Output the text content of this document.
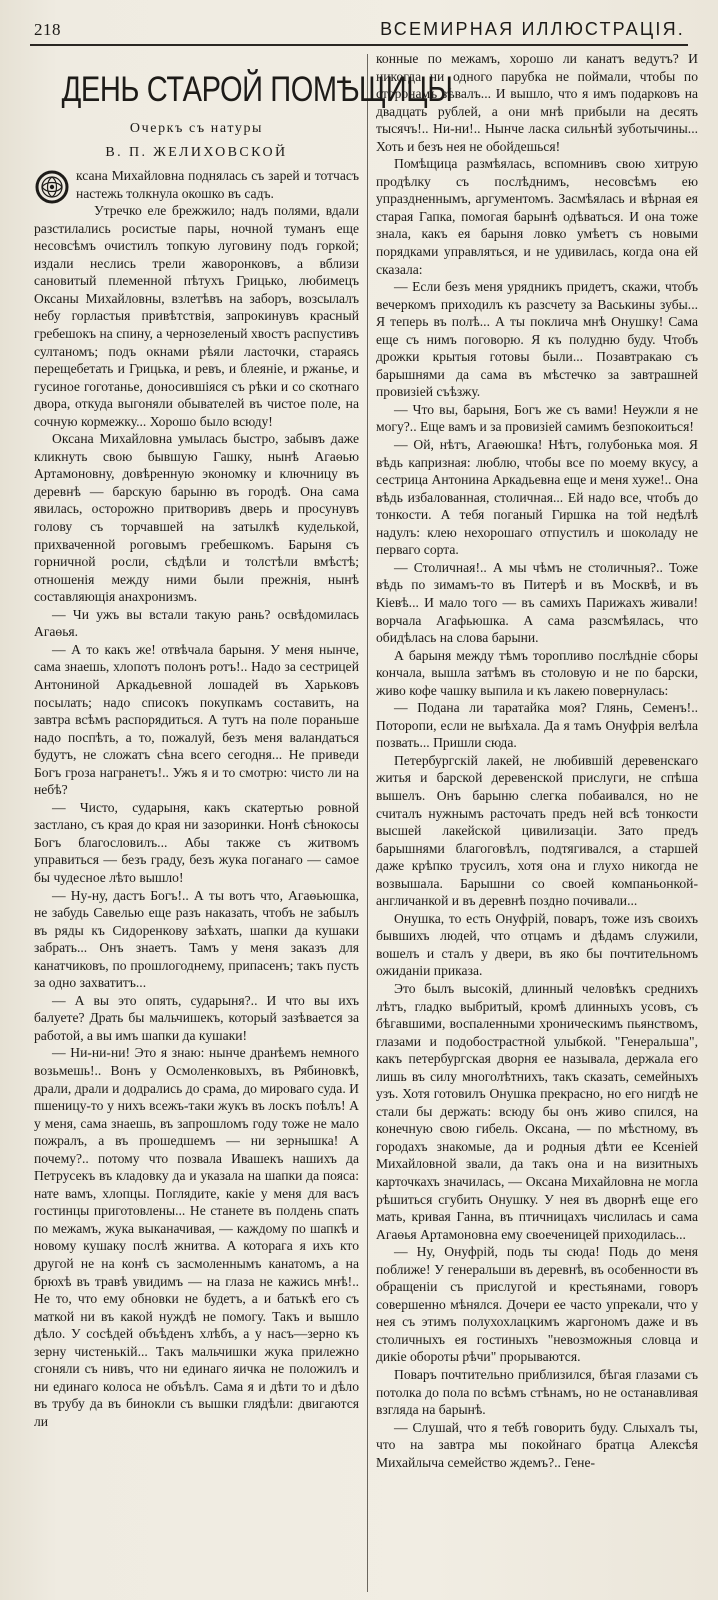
218	ВСЕМИРНАЯ ИЛЛЮСТРАЦІЯ.
ДЕНЬ СТАРОЙ ПОМѢЩИЦЫ
Очеркъ съ натуры
В. П. ЖЕЛИХОВСКОЙ

ксана Михайловна поднялась съ зарей и тотчасъ настежь толкнула окошко въ садъ.

Утречко еле брежжило; надъ полями, вдали разстилались росистые пары, ночной туманъ еще несовсѣмъ очистилъ топкую луговину подъ горкой; издали неслись трели жаворонковъ, а вблизи сановитый племенной пѣтухъ Грицько, любимецъ Оксаны Михайловны, взлетѣвъ на заборъ, возсылалъ небу горластыя привѣтствія, запрокинувъ красный гребешокъ на спину, а чернозеленый хвостъ распустивъ султаномъ; подъ окнами рѣяли ласточки, стараясь перещебетать и Грицька, и ревъ, и блеяніе, и ржанье, и гусиное гоготанье, доносившіяся съ рѣки и со скотнаго двора, откуда выгоняли обывателей въ чистое поле, на сочную кормежку... Хорошо было всюду!

Оксана Михайловна умылась быстро, забывъ даже кликнуть свою бывшую Гашку, нынѣ Агаѳью Артамоновну, довѣренную экономку и ключницу въ деревнѣ — барскую барыню въ городѣ. Она сама явилась, осторожно притворивъ дверь и просунувъ голову съ торчавшей на затылкѣ куделькой, прихваченной роговымъ гребешкомъ. Барыня съ горничной росли, сѣдѣли и толстѣли вмѣстѣ; отношенія между ними были прежнія, нынѣ составляющія анахронизмъ.

— Чи ужъ вы встали такую рань? освѣдомилась Агаѳья.

— А то какъ же! отвѣчала барыня. У меня нынче, сама знаешь, хлопотъ полонъ ротъ!.. Надо за сестрицей Антониной Аркадьевной лошадей въ Харьковъ посылать; надо списокъ покупкамъ составить, на завтра всѣмъ распорядиться. А тутъ на поле пораньше надо поспѣть, а то, пожалуй, безъ меня валандаться будутъ, не сложатъ сѣна всего сегодня... Не приведи Богъ гроза награнетъ!.. Ужъ я и то смотрю: чисто ли на небѣ?

— Чисто, сударыня, какъ скатертью ровной застлано, съ края до края ни зазоринки. Нонѣ сѣнокосы Богъ благословилъ... Абы также съ житвомъ управиться — безъ граду, безъ жука поганаго — самое бы чудесное лѣто вышло!

— Ну-ну, дастъ Богъ!.. А ты вотъ что, Агаѳьюшка, не забудь Савелью еще разъ наказать, чтобъ не забылъ въ ряды къ Сидоренкову заѣхать, шапки да кушаки забрать... Онъ знаетъ. Тамъ у меня заказъ для канатчиковъ, по прошлогоднему, припасенъ; такъ пусть за одно захватитъ...

— А вы это опять, сударыня?.. И что вы ихъ балуете? Драть бы мальчишекъ, который зазѣвается за работой, а вы имъ шапки да кушаки!

— Ни-ни-ни! Это я знаю: нынче дранѣемъ немного возьмешь!.. Вонъ у Осмоленковыхъ, въ Рябиновкѣ, драли, драли и додрались до срама, до мироваго суда. И пшеницу-то у нихъ всежъ-таки жукъ въ лоскъ поѣлъ! А у меня, сама знаешь, въ запрошломъ году тоже не мало пожралъ, а въ прошедшемъ — ни зернышка! А почему?.. потому что позвала Ивашекъ нашихъ да Петрусекъ въ кладовку да и указала на шапки да пояса: нате вамъ, хлопцы. Поглядите, какіе у меня для васъ гостинцы приготовлены... Не станете въ полдень спать по межамъ, жука выканачивая, — каждому по шапкѣ и новому кушаку послѣ жнитва. А которага я ихъ кто другой не на конѣ съ засмоленнымъ канатомъ, а на брюхѣ въ травѣ увидимъ — на глаза не кажись мнѣ!.. Не то, что ему обновки не будетъ, а и батькѣ его съ маткой ни въ какой нуждѣ не помогу. Такъ и вышло дѣло. У сосѣдей объѣденъ хлѣбъ, а у насъ—зерно къ зерну чистенькій... Такъ мальчишки жука прилежно сгоняли съ нивъ, что ни единаго яичка не положилъ и ни единаго колоса не объѣлъ. Сама я и дѣти то и дѣло въ трубу да въ бинокли съ вышки глядѣли: двигаются ли

конные по межамъ, хорошо ли канатъ ведутъ? И никогда ни одного парубка не поймали, чтобы по сторонамъ зѣвалъ... И вышло, что я имъ подарковъ на двадцать рублей, а они мнѣ прибыли на десять тысячъ!.. Ни-ни!.. Нынче ласка сильнѣй зуботычины... Хоть и безъ нея не обойдешься!

Помѣщица размѣялась, вспомнивъ свою хитрую продѣлку съ послѣднимъ, несовсѣмъ ею упраздненнымъ, аргументомъ. Засмѣялась и вѣрная ея старая Гапка, помогая барынѣ одѣваться. И она тоже знала, какъ ея барыня ловко умѣетъ съ новыми порядками управляться, и не удивилась, когда она ей сказала:

— Если безъ меня урядникъ придетъ, скажи, чтобъ вечеркомъ приходилъ къ разсчету за Васькины зубы... Я теперь въ полѣ... А ты поклича мнѣ Онушку! Сама еще съ нимъ поговорю. Я къ полудню буду. Чтобъ дрожки крытыя готовы были... Позавтракаю съ барышнями да сама въ мѣстечко за завтрашней провизіей съѣзжу.

— Что вы, барыня, Богъ же съ вами! Неужли я не могу?.. Еще вамъ и за провизіей самимъ безпокоиться!

— Ой, нѣтъ, Агаѳюшка! Нѣтъ, голубонька моя. Я вѣдь капризная: люблю, чтобы все по моему вкусу, а сестрица Антонина Аркадьевна еще и меня хуже!.. Она вѣдь избалованная, столичная... Ей надо все, чтобъ до тонкости. А тебя поганый Гиршка на той недѣлѣ надулъ: клею нехорошаго отпустилъ и шоколаду не перваго сорта.

— Столичная!.. А мы чѣмъ не столичныя?.. Тоже вѣдь по зимамъ-то въ Питерѣ и въ Москвѣ, и въ Кіевѣ... И мало того — въ самихъ Парижахъ живали! ворчала Агафьюшка. А сама разсмѣялась, что обидѣлась на слова барыни.

А барыня между тѣмъ торопливо послѣдніе сборы кончала, вышла затѣмъ въ столовую и не по барски, живо кофе чашку выпила и къ лакею повернулась:

— Подана ли таратайка моя? Глянь, Семенъ!.. Поторопи, если не выѣхала. Да я тамъ Онуфрія велѣла позвать... Пришли сюда.

Петербургскій лакей, не любившій деревенскаго житья и барской деревенской прислуги, не спѣша вышелъ. Онъ барыню слегка побаивался, но не считалъ нужнымъ расточать предъ ней всѣ тонкости высшей лакейской цивилизаціи. Зато предъ барышнями благоговѣлъ, подтягивался, а старшей даже крѣпко трусилъ, хотя она и глухо никогда не возвышала. Барышни со своей компаньонкой-англичанкой и въ деревнѣ поздно почивали...

Онушка, то есть Онуфрій, поваръ, тоже изъ своихъ бывшихъ людей, что отцамъ и дѣдамъ служили, вошелъ и сталъ у двери, въ яко бы почтительномъ ожиданіи приказа.

Это былъ высокій, длинный человѣкъ среднихъ лѣтъ, гладко выбритый, кромѣ длинныхъ усовъ, съ бѣгавшими, воспаленными хроническимъ пьянствомъ, глазами и подобострастной улыбкой. "Генеральша", какъ петербургская дворня ее называла, держала его лишь въ силу многолѣтнихъ, такъ сказать, семейныхъ узъ. Хотя готовилъ Онушка прекрасно, но его нигдѣ не стали бы держать: всюду бы онъ живо спился, на конечную свою гибель. Оксана, — по мѣстному, въ городахъ знакомые, да и родныя дѣти ее Ксеніей Михайловной звали, да такъ она и на визитныхъ карточкахъ значилась, — Оксана Михайловна не могла рѣшиться сгубить Онушку. У нея въ дворнѣ еще его мать, кривая Ганна, въ птичницахъ числилась и сама Агаѳья Артамоновна ему своеченицей приходилась...

— Ну, Онуфрій, подь ты сюда! Подь до меня поближе! У генеральши въ деревнѣ, въ особенности въ обращеніи съ прислугой и крестьянами, говоръ совершенно мѣнялся. Дочери ее часто упрекали, что у нея съ этимъ полухохлацкимъ жаргономъ даже и въ столичныхъ ея гостиныхъ "невозможныя словца и дикіе обороты рѣчи" прорываются.

Поваръ почтительно приблизился, бѣгая глазами съ потолка до пола по всѣмъ стѣнамъ, но не останавливая взгляда на барынѣ.

— Слушай, что я тебѣ говорить буду. Слыхалъ ты, что на завтра мы покойнаго братца Алексѣя Михайлыча семейство ждемъ?.. Гене-
